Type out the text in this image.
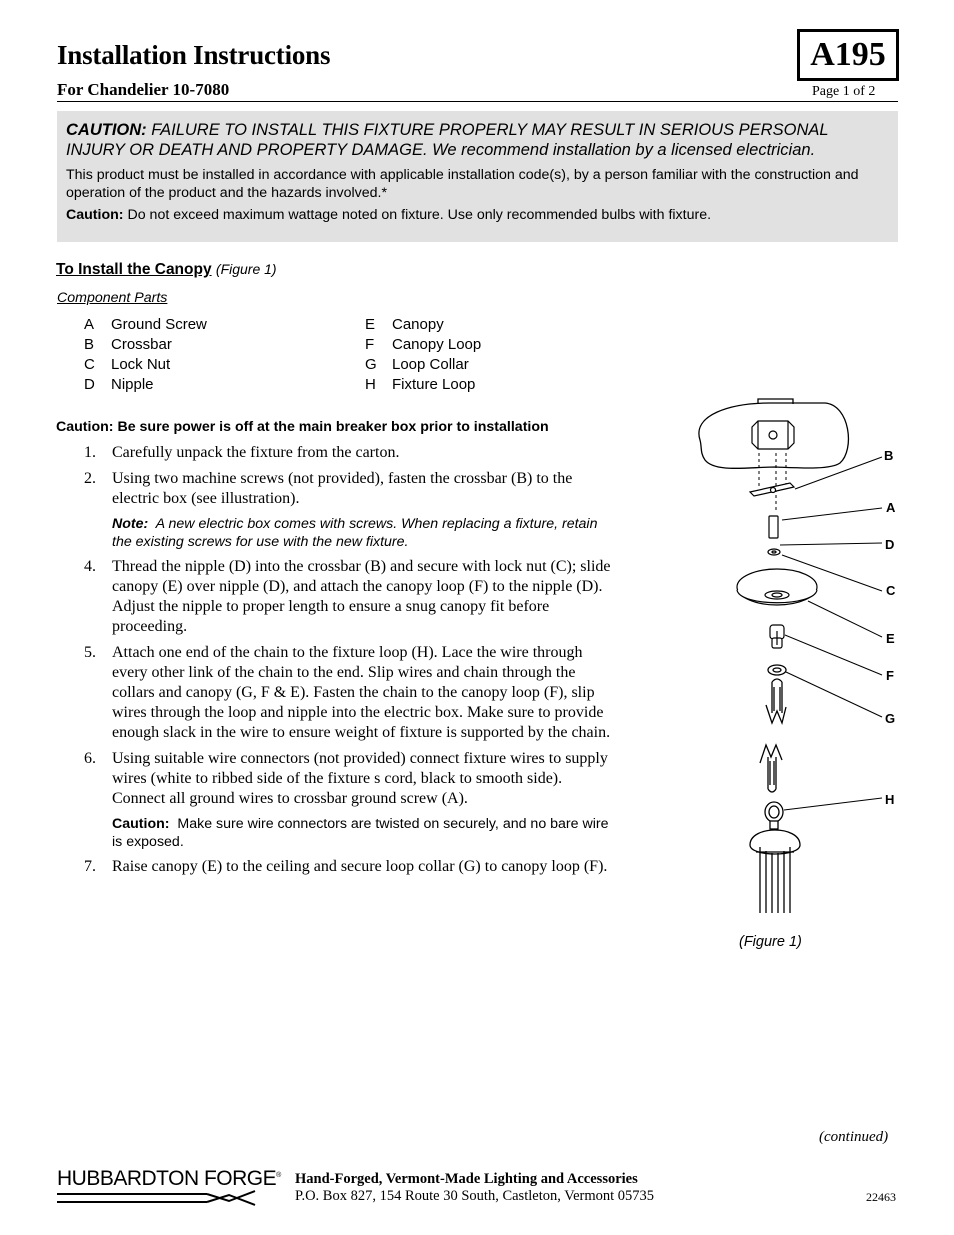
Installation Instructions
For Chandelier 10-7080
A195
Page 1 of 2
CAUTION: FAILURE TO INSTALL THIS FIXTURE PROPERLY MAY RESULT IN SERIOUS PERSONAL INJURY OR DEATH AND PROPERTY DAMAGE. We recommend installation by a licensed electrician.

This product must be installed in accordance with applicable installation code(s), by a person familiar with the construction and operation of the product and the hazards involved.*

Caution: Do not exceed maximum wattage noted on fixture. Use only recommended bulbs with fixture.

To Install the Canopy (Figure 1)
Component Parts
A Ground Screw
B Crossbar
C Lock Nut
D Nipple
E Canopy
F Canopy Loop
G Loop Collar
H Fixture Loop
Caution: Be sure power is off at the main breaker box prior to installation
1. Carefully unpack the fixture from the carton.
2. Using two machine screws (not provided), fasten the crossbar (B) to the electric box (see illustration).
Note: A new electric box comes with screws. When replacing a fixture, retain the existing screws for use with the new fixture.
4. Thread the nipple (D) into the crossbar (B) and secure with lock nut (C); slide canopy (E) over nipple (D), and attach the canopy loop (F) to the nipple (D). Adjust the nipple to proper length to ensure a snug canopy fit before proceeding.
5. Attach one end of the chain to the fixture loop (H). Lace the wire through every other link of the chain to the end. Slip wires and chain through the collars and canopy (G, F & E). Fasten the chain to the canopy loop (F), slip wires through the loop and nipple into the electric box. Make sure to provide enough slack in the wire to ensure weight of fixture is supported by the chain.
6. Using suitable wire connectors (not provided) connect fixture wires to supply wires (white to ribbed side of the fixture s cord, black to smooth side). Connect all ground wires to crossbar ground screw (A).
Caution: Make sure wire connectors are twisted on securely, and no bare wire is exposed.
7. Raise canopy (E) to the ceiling and secure loop collar (G) to canopy loop (F).
B
A
D
C
E
F
G
H
(Figure 1)
(continued)
HUBBARDTON FORGE® Hand-Forged, Vermont-Made Lighting and Accessories
P.O. Box 827, 154 Route 30 South, Castleton, Vermont 05735	22463
